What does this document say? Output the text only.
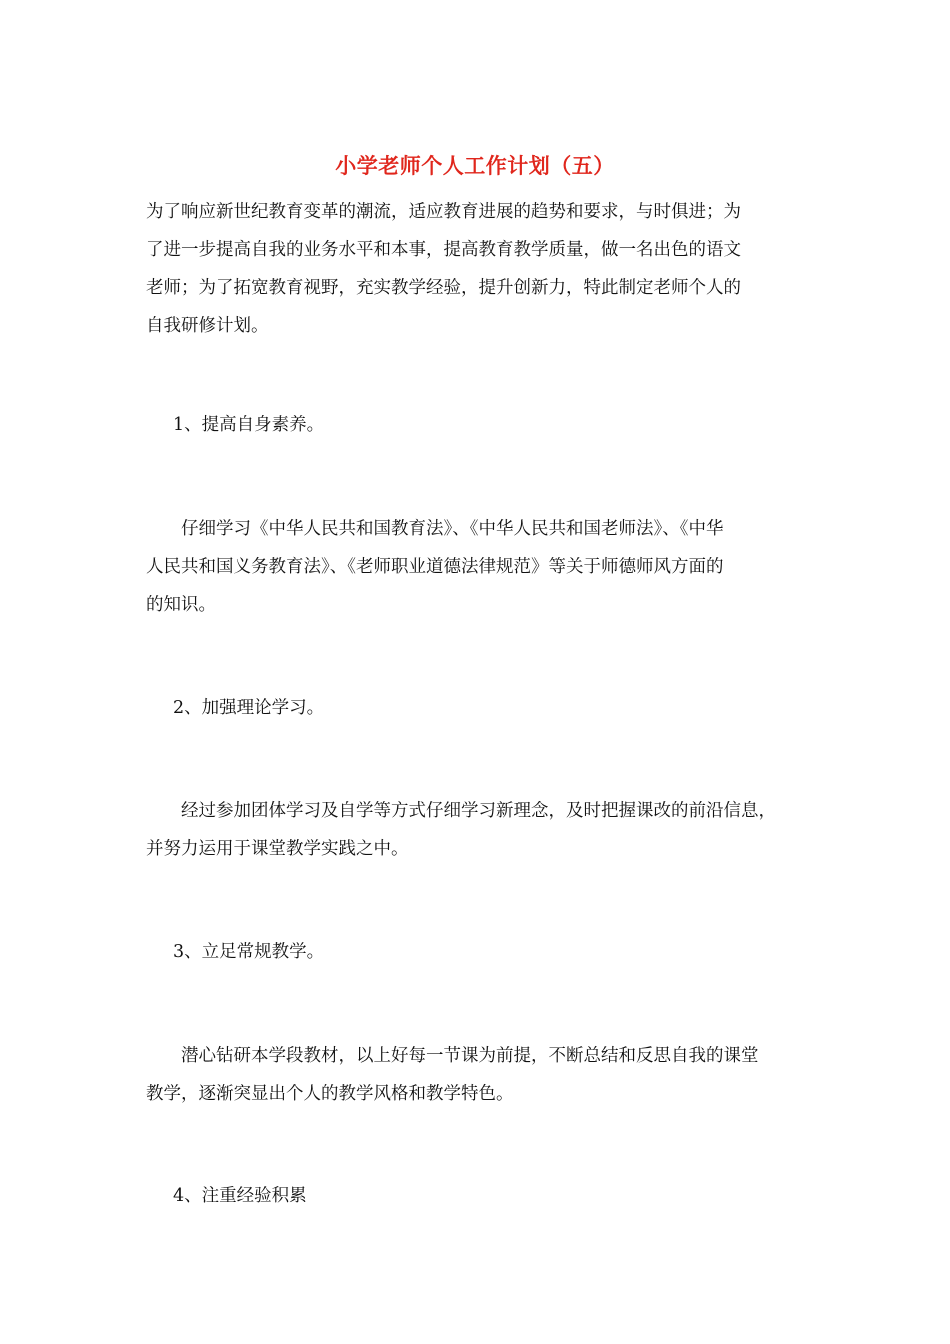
小学老师个人工作计划（五）

为了响应新世纪教育变革的潮流，适应教育进展的趋势和要求，与时俱进；为
了进一步提高自我的业务水平和本事，提高教育教学质量，做一名出色的语文
老师；为了拓宽教育视野，充实教学经验，提升创新力，特此制定老师个人的
自我研修计划。

1、提高自身素养。

　　仔细学习《中华人民共和国教育法》、《中华人民共和国老师法》、《中华
人民共和国义务教育法》、《老师职业道德法律规范》等关于师德师风方面的
的知识。

2、加强理论学习。

　　经过参加团体学习及自学等方式仔细学习新理念，及时把握课改的前沿信息，
并努力运用于课堂教学实践之中。

3、立足常规教学。

　　潜心钻研本学段教材，以上好每一节课为前提，不断总结和反思自我的课堂
教学，逐渐突显出个人的教学风格和教学特色。

4、注重经验积累
